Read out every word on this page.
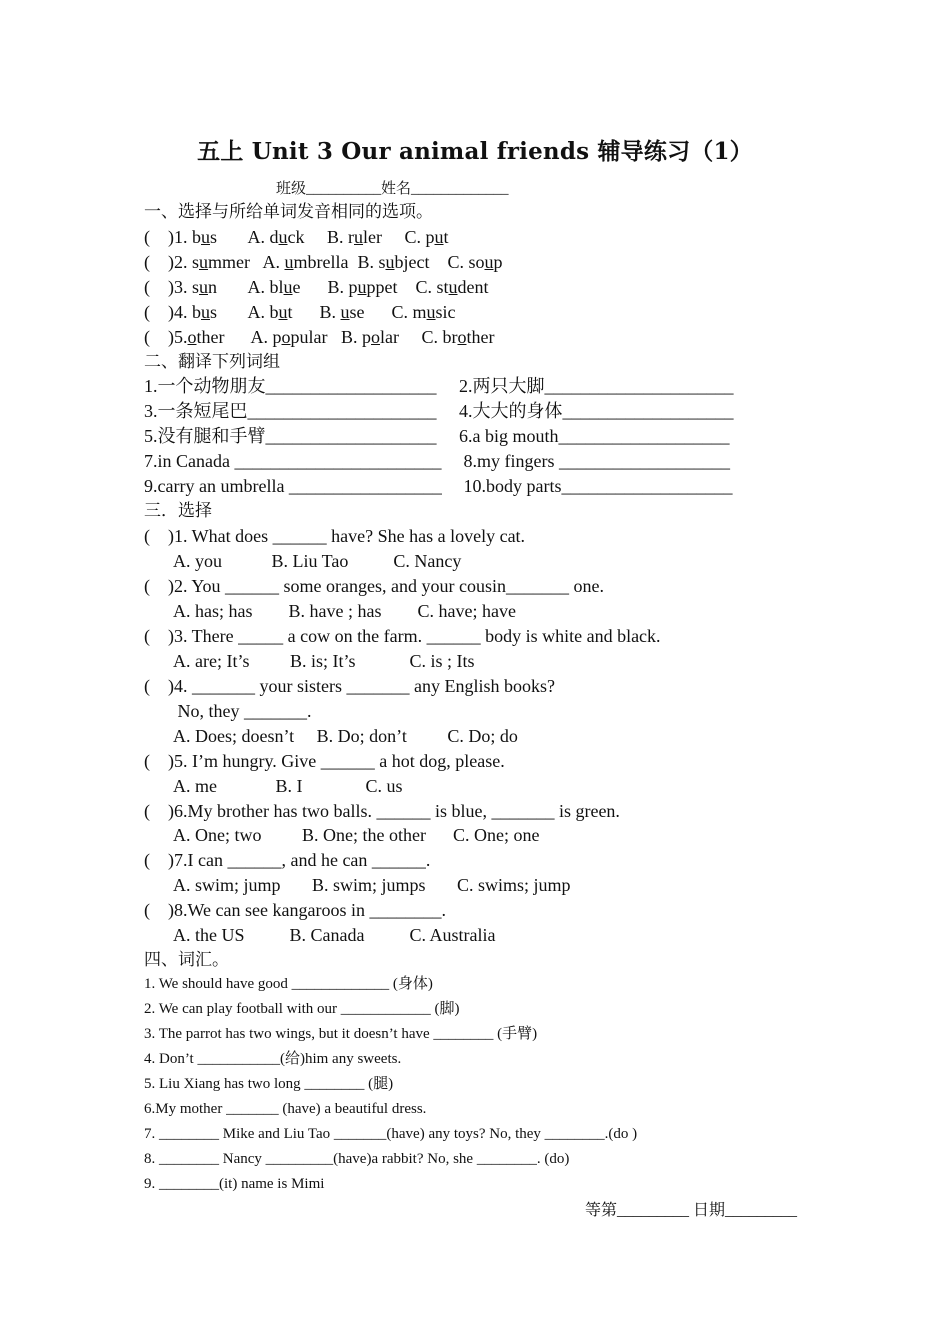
五上 Unit 3 Our animal friends 辅导练习（1）
班级__________姓名_____________
一、选择与所给单词发音相同的选项。
(    )1. bus       A. duck     B. ruler     C. put
(    )2. summer   A. umbrella  B. subject    C. soup
(    )3. sun       A. blue      B. puppet    C. student
(    )4. bus       A. but      B. use      C. music
(    )5.other      A. popular   B. polar     C. brother
二、翻译下列词组
1.一个动物朋友___________________ 2.两只大脚_____________________
3.一条短尾巴_____________________ 4.大大的身体___________________
5.没有腿和手臂___________________ 6.a big mouth___________________
7.in Canada _______________________ 8.my fingers ___________________
9.carry an umbrella _________________ 10.body parts___________________
三．选择
(    )1. What does ______ have? She has a lovely cat.
A. you           B. Liu Tao          C. Nancy
(    )2. You ______ some oranges, and your cousin_______ one.
A. has; has        B. have ; has        C. have; have
(    )3. There _____ a cow on the farm. ______ body is white and black.
A. are; It’s         B. is; It’s            C. is ; Its
(    )4. _______ your sisters _______ any English books?
No, they _______.
A. Does; doesn’t     B. Do; don’t         C. Do; do
(    )5. I’m hungry. Give ______ a hot dog, please.
A. me             B. I              C. us
(    )6.My brother has two balls. ______ is blue, _______ is green.
A. One; two         B. One; the other      C. One; one
(    )7.I can ______, and he can ______.
A. swim; jump       B. swim; jumps       C. swims; jump
(    )8.We can see kangaroos in ________.
A. the US          B. Canada          C. Australia
四、词汇。
1. We should have good _____________ (身体)
2. We can play football with our ____________ (脚)
3. The parrot has two wings, but it doesn’t have ________ (手臂)
4. Don’t ___________(给)him any sweets.
5. Liu Xiang has two long ________ (腿)
6.My mother _______ (have) a beautiful dress.
7. ________ Mike and Liu Tao _______(have) any toys? No, they ________.(do )
8. ________ Nancy _________(have)a rabbit? No, she ________. (do)
9. ________(it) name is Mimi
等第_________ 日期_________
